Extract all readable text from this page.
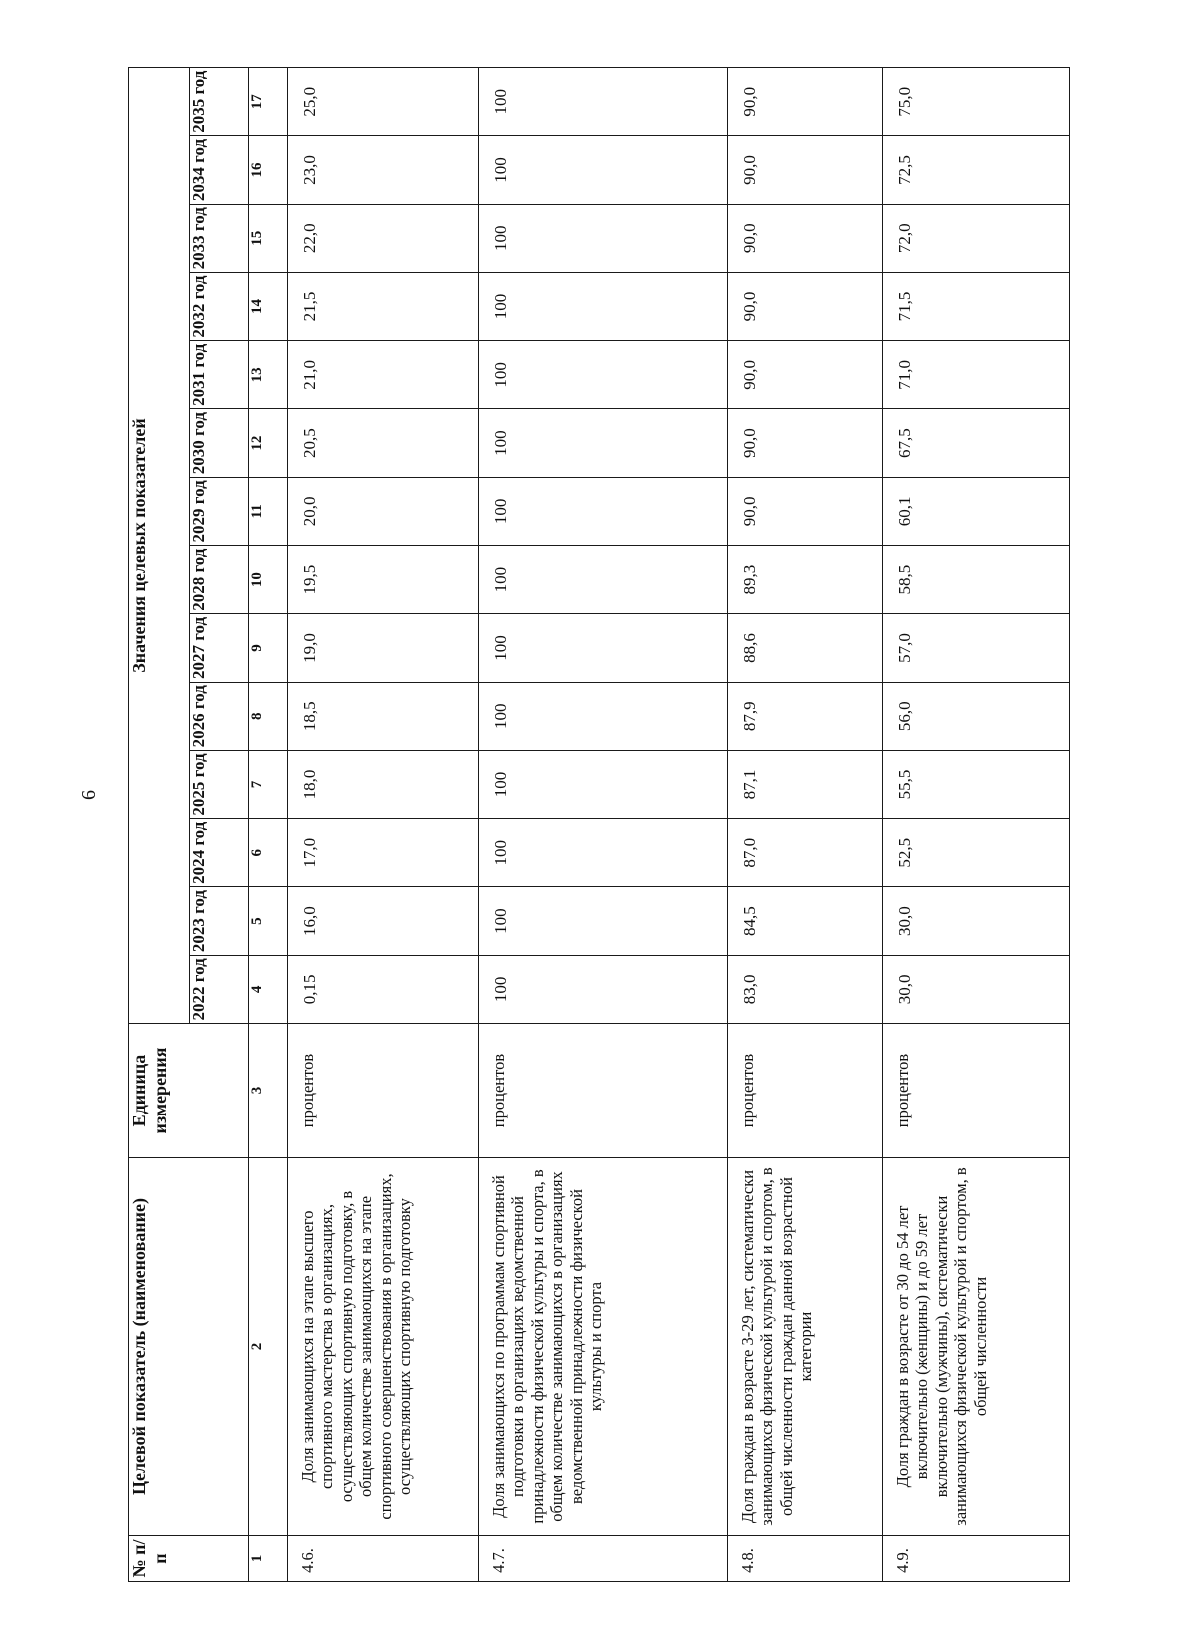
6
№ п/п	Целевой показатель (наименование)	Единица измерения	Значения целевых показателей													
			2022 год	2023 год	2024 год	2025 год	2026 год	2027 год	2028 год	2029 год	2030 год	2031 год	2032 год	2033 год	2034 год	2035 год
1	2	3	4	5	6	7	8	9	10	11	12	13	14	15	16	17
4.6.	Доля занимающихся на этапе высшего спортивного мастерства в организациях, осуществляющих спортивную подготовку, в общем количестве занимающихся на этапе спортивного совершенствования в организациях, осуществляющих спортивную подготовку	процентов	0,15	16,0	17,0	18,0	18,5	19,0	19,5	20,0	20,5	21,0	21,5	22,0	23,0	25,0
4.7.	Доля занимающихся по программам спортивной подготовки в организациях ведомственной принадлежности физической культуры и спорта, в общем количестве занимающихся в организациях ведомственной принадлежности физической культуры и спорта	процентов	100	100	100	100	100	100	100	100	100	100	100	100	100	100
4.8.	Доля граждан в возрасте 3-29 лет, систематически занимающихся физической культурой и спортом, в общей численности граждан данной возрастной категории	процентов	83,0	84,5	87,0	87,1	87,9	88,6	89,3	90,0	90,0	90,0	90,0	90,0	90,0	90,0
4.9.	Доля граждан в возрасте от 30 до 54 лет включительно (женщины) и до 59 лет включительно (мужчины), систематически занимающихся физической культурой и спортом, в общей численности	процентов	30,0	30,0	52,5	55,5	56,0	57,0	58,5	60,1	67,5	71,0	71,5	72,0	72,5	75,0
